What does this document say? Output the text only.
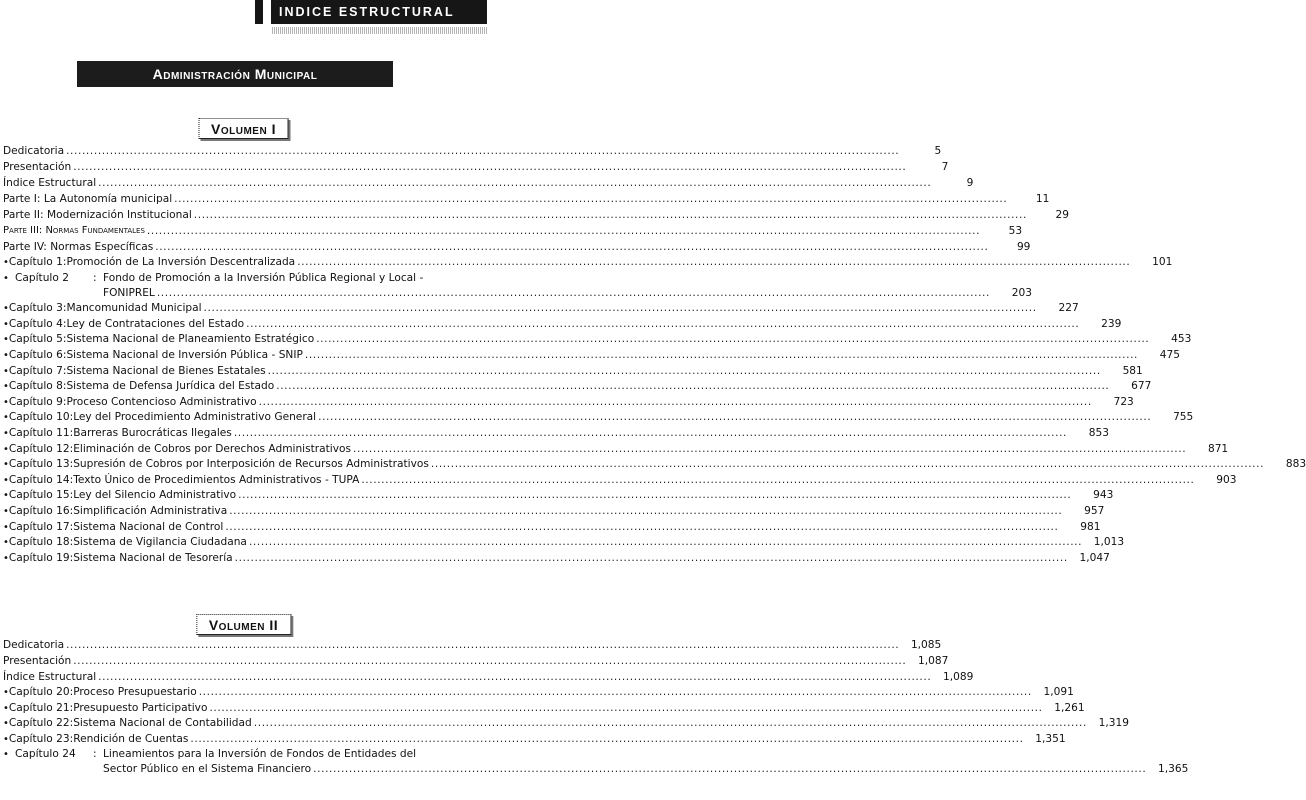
INDICE ESTRUCTURAL
Administración Municipal
Volumen I
Dedicatoria .....	5
Presentación .....	7
Índice Estructural .....	9
Parte I: La Autonomía municipal .....	11
Parte II: Modernización Institucional .....	29
Parte III: Normas Fundamentales .....	53
Parte IV: Normas Específicas .....	99
• Capítulo 1 : Promoción de La Inversión Descentralizada .....	101
• Capítulo 2	: Fondo de Promoción a la Inversión Pública Regional y Local -
FONIPREL .....	203
• Capítulo 3 : Mancomunidad Municipal .....	227
• Capítulo 4 : Ley de Contrataciones del Estado .....	239
• Capítulo 5 : Sistema Nacional de Planeamiento Estratégico .....	453
• Capítulo 6 : Sistema Nacional de Inversión Pública - SNIP .....	475
• Capítulo 7 : Sistema Nacional de Bienes Estatales .....	581
• Capítulo 8 : Sistema de Defensa Jurídica del Estado .....	677
• Capítulo 9 : Proceso Contencioso Administrativo .....	723
• Capítulo 10 : Ley del Procedimiento Administrativo General .....	755
• Capítulo 11 : Barreras Burocráticas Ilegales .....	853
• Capítulo 12 : Eliminación de Cobros por Derechos Administrativos .....	871
• Capítulo 13 : Supresión de Cobros por Interposición de Recursos Administrativos .....	883
• Capítulo 14 : Texto Único de Procedimientos Administrativos - TUPA .....	903
• Capítulo 15 : Ley del Silencio Administrativo .....	943
• Capítulo 16 : Simplificación Administrativa .....	957
• Capítulo 17 : Sistema Nacional de Control .....	981
• Capítulo 18 : Sistema de Vigilancia Ciudadana .....	1,013
• Capítulo 19 : Sistema Nacional de Tesorería .....	1,047
Volumen II
Dedicatoria .....	1,085
Presentación .....	1,087
Índice Estructural .....	1,089
• Capítulo 20 : Proceso Presupuestario .....	1,091
• Capítulo 21 : Presupuesto Participativo .....	1,261
• Capítulo 22 : Sistema Nacional de Contabilidad .....	1,319
• Capítulo 23 : Rendición de Cuentas .....	1,351
• Capítulo 24	: Lineamientos para la Inversión de Fondos de Entidades del
Sector Público en el Sistema Financiero .....	1,365
